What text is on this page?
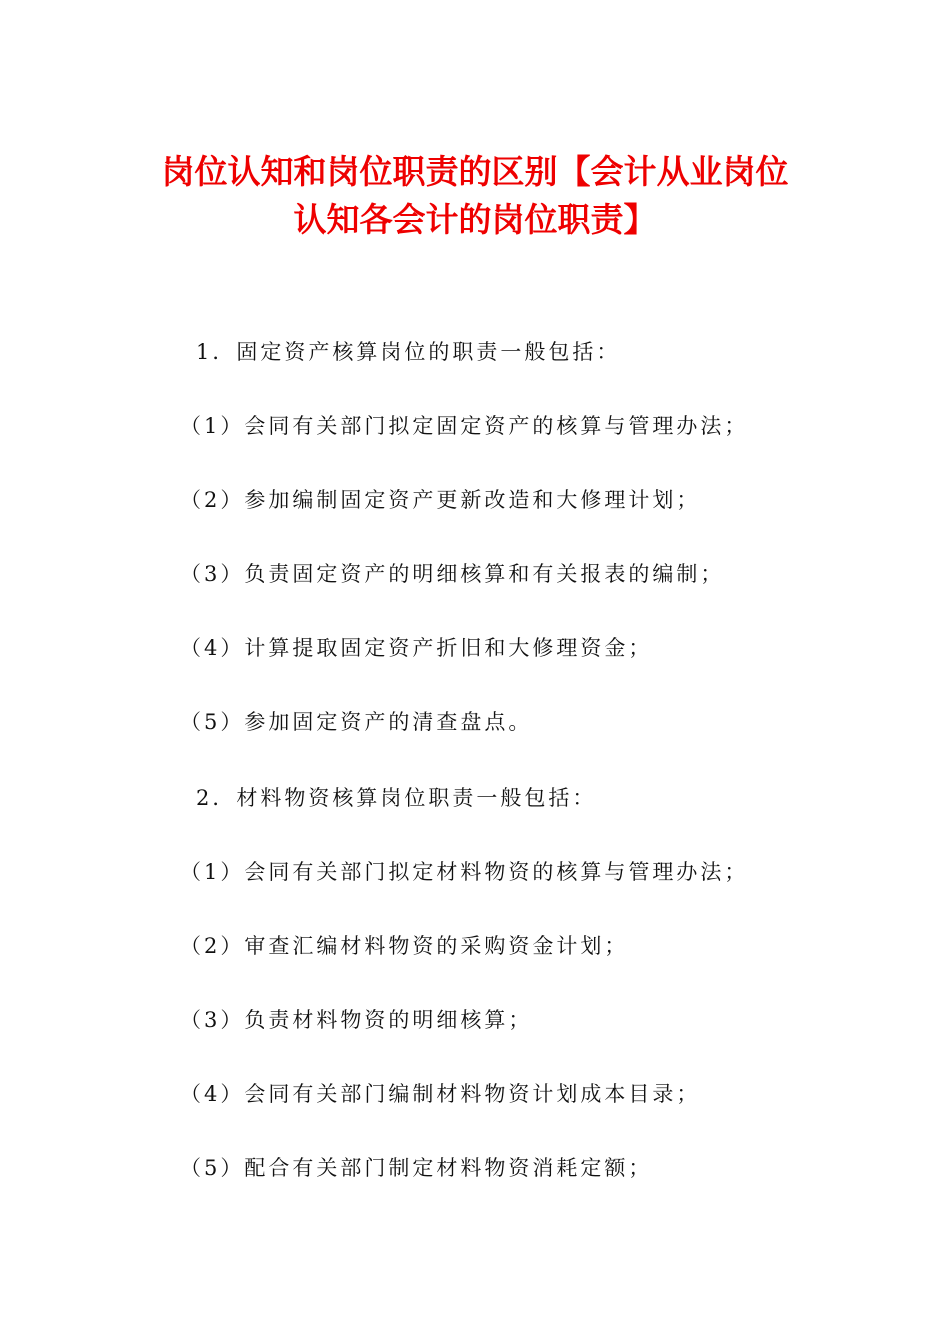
岗位认知和岗位职责的区别【会计从业岗位
认知各会计的岗位职责】

1．固定资产核算岗位的职责一般包括：

（1）会同有关部门拟定固定资产的核算与管理办法；

（2）参加编制固定资产更新改造和大修理计划；

（3）负责固定资产的明细核算和有关报表的编制；

（4）计算提取固定资产折旧和大修理资金；

（5）参加固定资产的清查盘点。

2．材料物资核算岗位职责一般包括：

（1）会同有关部门拟定材料物资的核算与管理办法；

（2）审查汇编材料物资的采购资金计划；

（3）负责材料物资的明细核算；

（4）会同有关部门编制材料物资计划成本目录；

（5）配合有关部门制定材料物资消耗定额；
